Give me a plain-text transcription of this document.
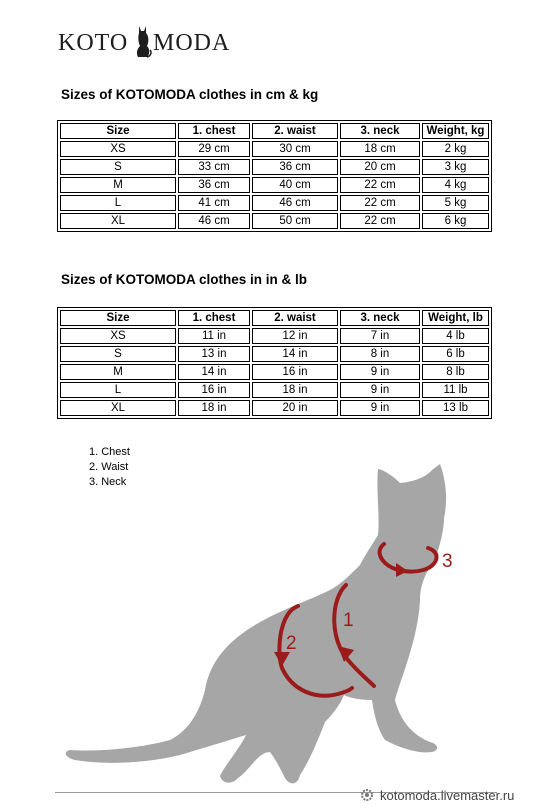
KOTO MODA
Sizes of KOTOMODA clothes in cm & kg
Size	1. chest	2. waist	3. neck	Weight, kg
XS	29 cm	30 cm	18 cm	2 kg
S	33 cm	36 cm	20 cm	3 kg
M	36 cm	40 cm	22 cm	4 kg
L	41 cm	46 cm	22 cm	5 kg
XL	46 cm	50 cm	22 cm	6 kg
Sizes of KOTOMODA clothes in in & lb
Size	1. chest	2. waist	3. neck	Weight, lb
XS	11 in	12 in	7 in	4 lb
S	13 in	14 in	8 in	6 lb
M	14 in	16 in	9 in	8 lb
L	16 in	18 in	9 in	11 lb
XL	18 in	20 in	9 in	13 lb
1. Chest
2. Waist
3. Neck
1
2
3
kotomoda.livemaster.ru
